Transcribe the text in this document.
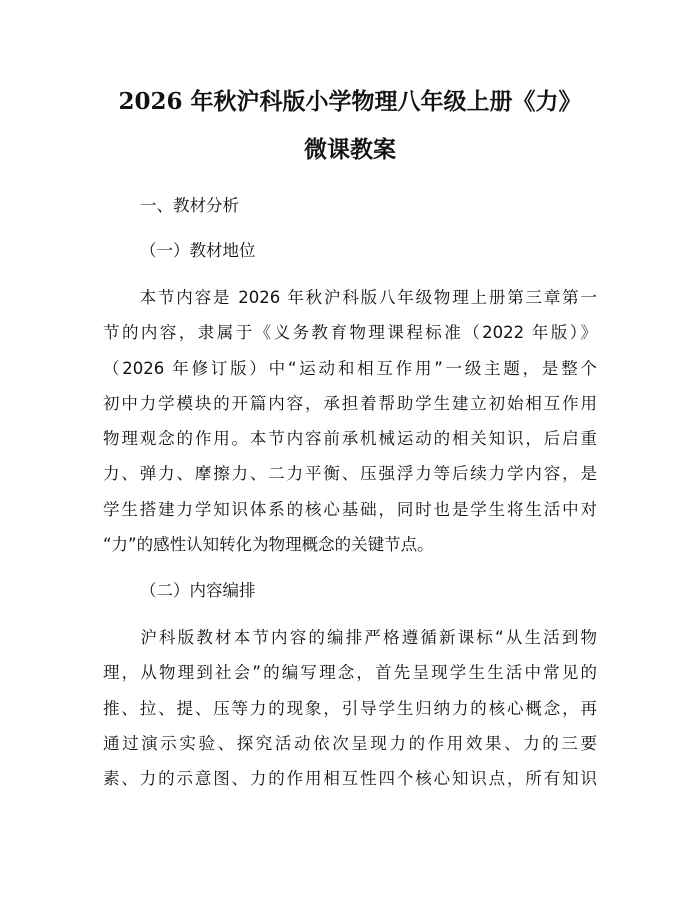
2026 年秋沪科版小学物理八年级上册《力》
微课教案
一、教材分析
（一）教材地位
　　本节内容是 2026 年秋沪科版八年级物理上册第三章第一
节的内容，隶属于《义务教育物理课程标准（2022 年版）》
（2026 年修订版）中“运动和相互作用”一级主题，是整个
初中力学模块的开篇内容，承担着帮助学生建立初始相互作用
物理观念的作用。本节内容前承机械运动的相关知识，后启重
力、弹力、摩擦力、二力平衡、压强浮力等后续力学内容，是
学生搭建力学知识体系的核心基础，同时也是学生将生活中对
“力”的感性认知转化为物理概念的关键节点。
（二）内容编排
　　沪科版教材本节内容的编排严格遵循新课标“从生活到物
理，从物理到社会”的编写理念，首先呈现学生生活中常见的
推、拉、提、压等力的现象，引导学生归纳力的核心概念，再
通过演示实验、探究活动依次呈现力的作用效果、力的三要
素、力的示意图、力的作用相互性四个核心知识点，所有知识
